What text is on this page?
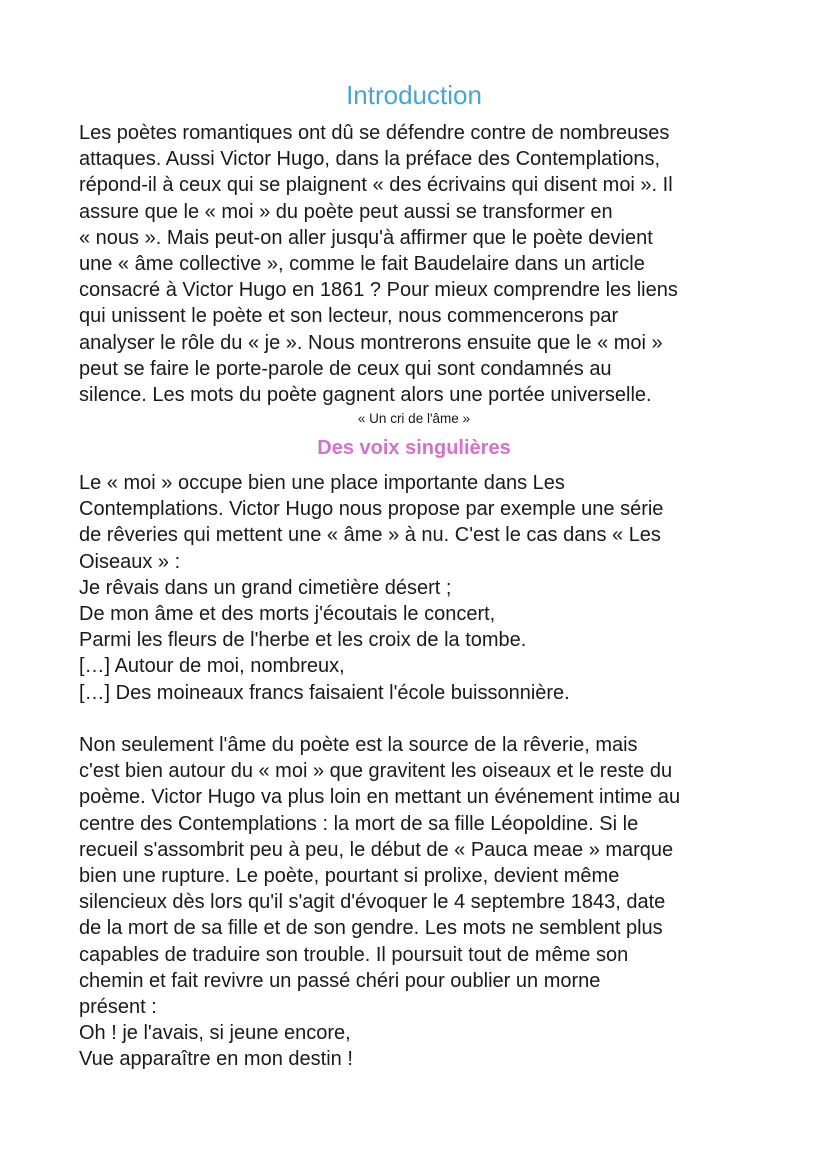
Introduction
Les poètes romantiques ont dû se défendre contre de nombreuses
attaques. Aussi Victor Hugo, dans la préface des Contemplations,
répond-il à ceux qui se plaignent « des écrivains qui disent moi ». Il
assure que le « moi » du poète peut aussi se transformer en
« nous ». Mais peut-on aller jusqu'à affirmer que le poète devient
une « âme collective », comme le fait Baudelaire dans un article
consacré à Victor Hugo en 1861 ? Pour mieux comprendre les liens
qui unissent le poète et son lecteur, nous commencerons par
analyser le rôle du « je ». Nous montrerons ensuite que le « moi »
peut se faire le porte-parole de ceux qui sont condamnés au
silence. Les mots du poète gagnent alors une portée universelle.
« Un cri de l'âme »
Des voix singulières
Le « moi » occupe bien une place importante dans Les
Contemplations. Victor Hugo nous propose par exemple une série
de rêveries qui mettent une « âme » à nu. C'est le cas dans « Les
Oiseaux » :
Je rêvais dans un grand cimetière désert ;
De mon âme et des morts j'écoutais le concert,
Parmi les fleurs de l'herbe et les croix de la tombe.
[…] Autour de moi, nombreux,
[…] Des moineaux francs faisaient l'école buissonnière.

Non seulement l'âme du poète est la source de la rêverie, mais
c'est bien autour du « moi » que gravitent les oiseaux et le reste du
poème. Victor Hugo va plus loin en mettant un événement intime au
centre des Contemplations : la mort de sa fille Léopoldine. Si le
recueil s'assombrit peu à peu, le début de « Pauca meae » marque
bien une rupture. Le poète, pourtant si prolixe, devient même
silencieux dès lors qu'il s'agit d'évoquer le 4 septembre 1843, date
de la mort de sa fille et de son gendre. Les mots ne semblent plus
capables de traduire son trouble. Il poursuit tout de même son
chemin et fait revivre un passé chéri pour oublier un morne
présent :
Oh ! je l'avais, si jeune encore,
Vue apparaître en mon destin !
